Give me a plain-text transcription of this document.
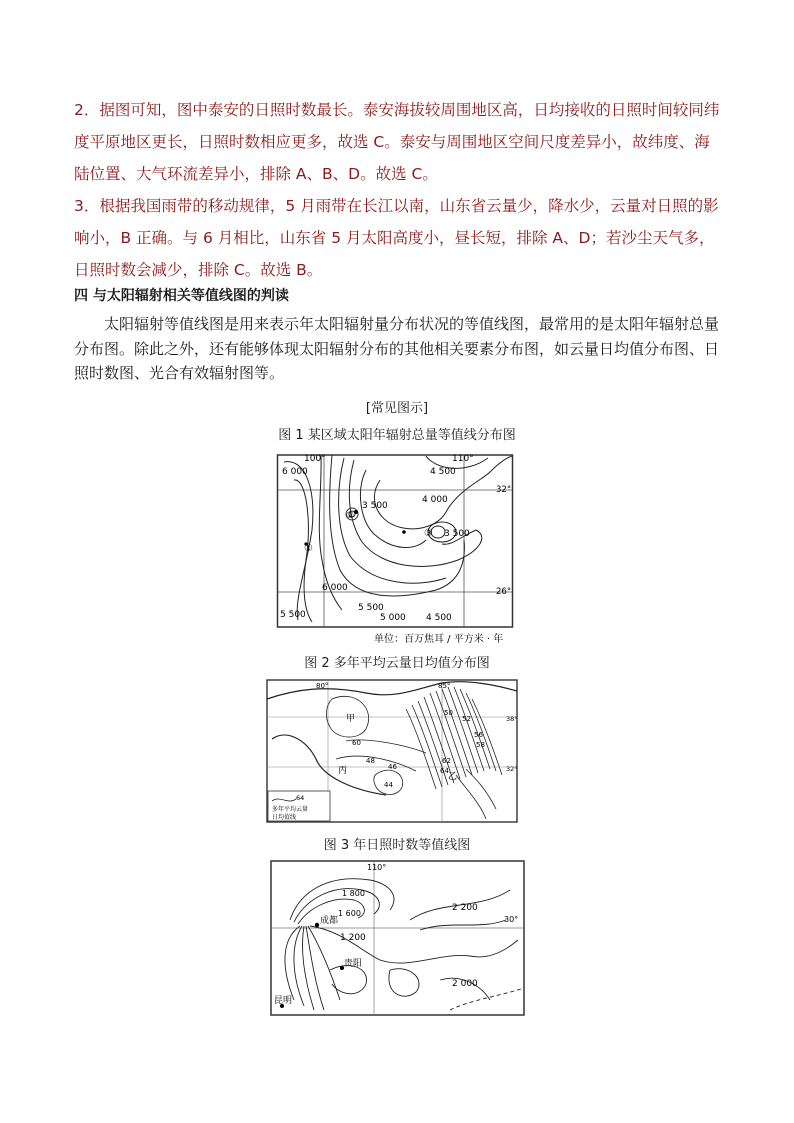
2．据图可知，图中泰安的日照时数最长。泰安海拔较周围地区高，日均接收的日照时间较同纬度平原地区更长，日照时数相应更多，故选 C。泰安与周围地区空间尺度差异小，故纬度、海陆位置、大气环流差异小，排除 A、B、D。故选 C。
3．根据我国雨带的移动规律，5 月雨带在长江以南，山东省云量少，降水少，云量对日照的影响小，B 正确。与 6 月相比，山东省 5 月太阳高度小，昼长短，排除 A、D；若沙尘天气多，日照时数会减少，排除 C。故选 B。
四 与太阳辐射相关等值线图的判读
太阳辐射等值线图是用来表示年太阳辐射量分布状况的等值线图，最常用的是太阳年辐射总量分布图。除此之外，还有能够体现太阳辐射分布的其他相关要素分布图，如云量日均值分布图、日照时数图、光合有效辐射图等。
[常见图示]
图 1 某区域太阳年辐射总量等值线分布图
100°	110°
32°
26°
6 000	4 500
4 000
3 500
3 500
6 000
5 500
5 000 4 500
5 500
①
②
③
单位：百万焦耳 / 平方米 · 年
图 2 多年平均云量日均值分布图
80°	85°
38°
32°
甲
乙
丙
60
48
46
44
62
64
50
52
56
58
64
多年平均云量
日均值线
图 3 年日照时数等值线图
110°
30°
1 800
1 600
2 200
1 200
2 000
成都
贵阳
昆明
